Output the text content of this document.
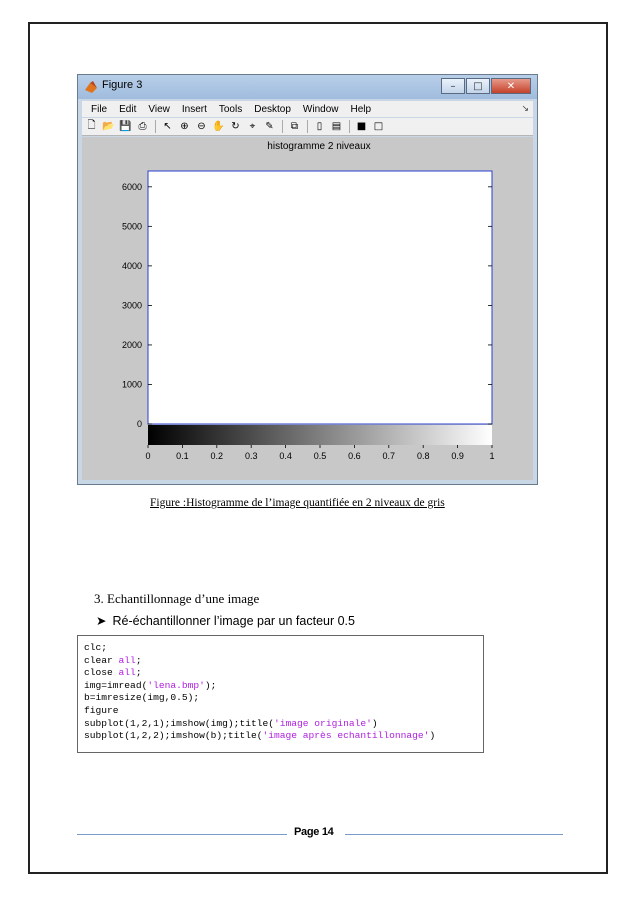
Figure 3	– □ ✕
File Edit View Insert Tools Desktop Window Help	↘
🗋 📂 💾 ⎙ ↖ ⊕ ⊖ ✋ ↻ ⌖ ✎ ⧉	▯ ▤ ■ □
histogramme 2 niveaux
0
1000
2000
3000
4000
5000
6000
0	0.1 0.2 0.3 0.4 0.5 0.6 0.7 0.8 0.9	1
Figure :Histogramme de l’image quantifiée en 2 niveaux de gris
3. Echantillonnage d’une image
➤ Ré-échantillonner l’image par un facteur 0.5
clc;
clear all;
close all;
img=imread('lena.bmp');
b=imresize(img,0.5);
figure
subplot(1,2,1);imshow(img);title('image originale')
subplot(1,2,2);imshow(b);title('image après echantillonnage')
Page 14
